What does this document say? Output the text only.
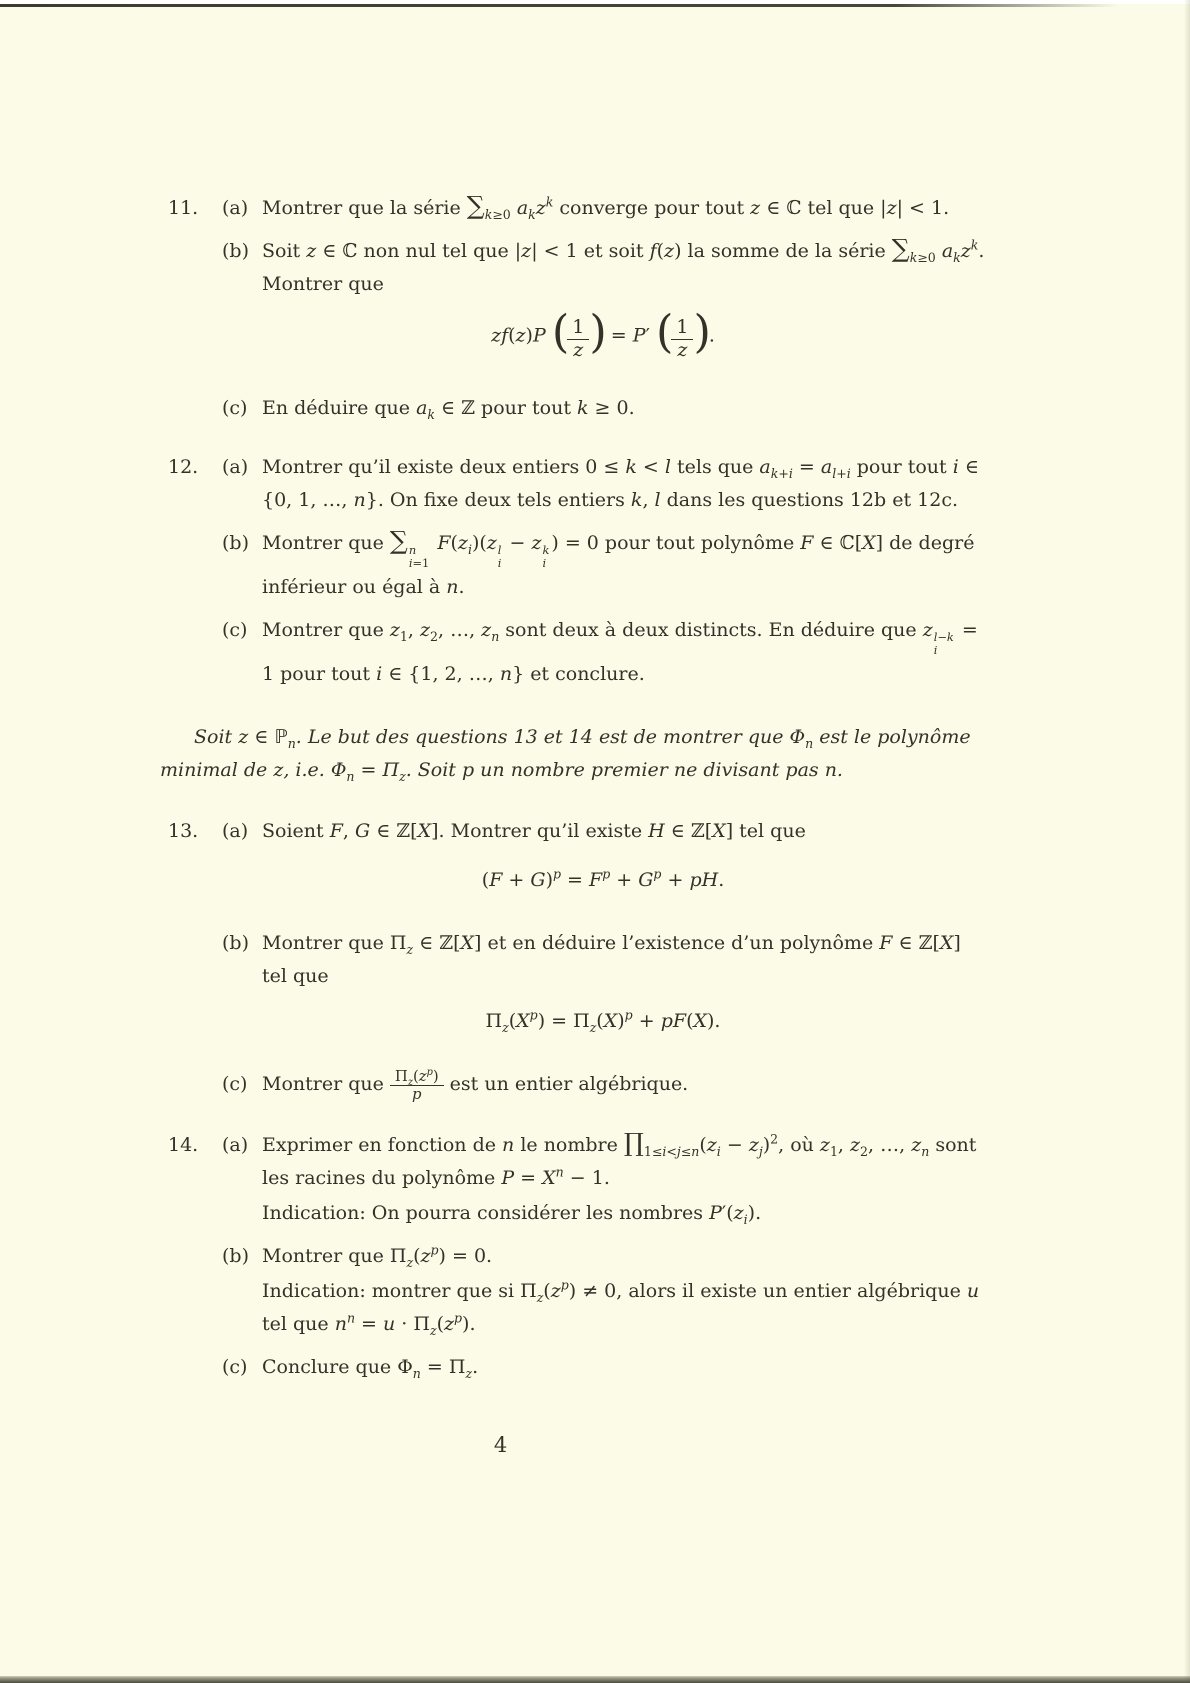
11.	(a) Montrer que la série $\sum_{k\ge 0}$ $a_kz^k$ converge pour tout z ∈ ℂ tel que |z| < 1.
(b) Soit z ∈ ℂ non nul tel que |z| < 1 et soit f(z) la somme de la série $\sum_{k\ge 0}$ $a_kz^k$. Montrer que
zf(z)P ( $\frac{1}{z}$ ) = P′ ( $\frac{1}{z}$ ).
(c) En déduire que $a_k$ ∈ ℤ pour tout k ≥ 0.
12.	(a) Montrer qu’il existe deux entiers 0 ≤ k < l tels que $a_{k+i} = a_{l+i}$ pour tout i ∈ {0, 1, …, n}. On fixe deux tels entiers k, l dans les questions 12b et 12c.
(b) Montrer que ∑ n
i=1
$F(z_i)(z$ l
i
− z k
i
) = 0 pour tout polynôme F ∈ ℂ[X] de degré inférieur ou égal à n.
(c) Montrer que $z_1$, $z_2$, …, $z_n$ sont deux à deux distincts. En déduire que z l−k
i
= 1 pour tout i ∈ {1, 2, …, n} et conclure.

Soit z ∈ ℙ$_n$. Le but des questions 13 et 14 est de montrer que $\Phi_n$ est le polynôme minimal de z, i.e. $\Phi_n = \Pi_z$. Soit p un nombre premier ne divisant pas n.

13.	(a) Soient F, G ∈ ℤ[X]. Montrer qu’il existe H ∈ ℤ[X] tel que
$(F + G)^p = F^p + G^p$ + pH.
(b) Montrer que $\Pi_z$ ∈ ℤ[X] et en déduire l’existence d’un polynôme F ∈ ℤ[X] tel que
$\Pi_z(X^p) = \Pi_z(X)^p + pF(X)$.
(c) Montrer que $\frac{\Pi_z(z^p)}{p}$ est un entier algébrique.
14.	(a) Exprimer en fonction de n le nombre $\prod_{1\le i<j\le n}(z_i - z_j)^2$, où $z_1$, $z_2$, …, $z_n$ sont les racines du polynôme $P = X^n - 1$.
Indication: On pourra considérer les nombres $P'(z_i)$.
(b) Montrer que $\Pi_z(z^p) = 0$.
Indication: montrer que si $\Pi_z(z^p) \ne 0$, alors il existe un entier algébrique u tel que $n^n = u \cdot \Pi_z(z^p)$.
(c) Conclure que $\Phi_n = \Pi_z$.
4
